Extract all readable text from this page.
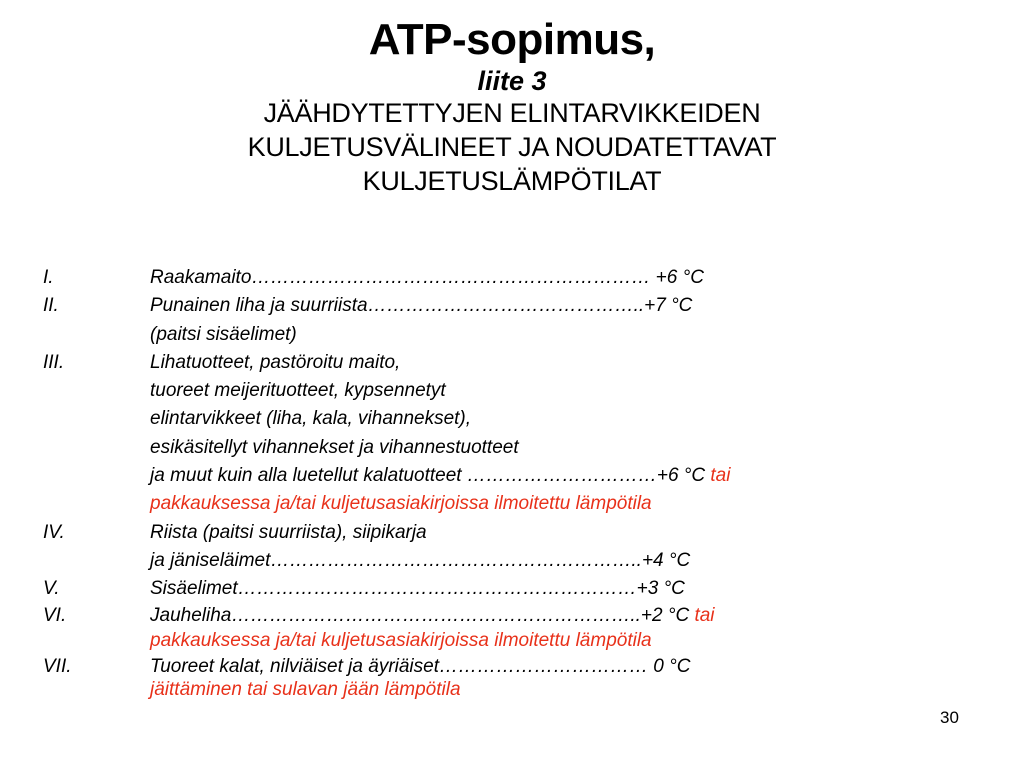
ATP-sopimus,
liite 3
JÄÄHDYTETTYJEN ELINTARVIKKEIDEN
KULJETUSVÄLINEET JA NOUDATETTAVAT
KULJETUSLÄMPÖTILAT
I.	Raakamaito……………………………………………………… +6 °C
II.	Punainen liha ja suurriista……………………………………..+7 °C
(paitsi sisäelimet)
III.	Lihatuotteet, pastöroitu maito,
tuoreet meijerituotteet, kypsennetyt
elintarvikkeet (liha, kala, vihannekset),
esikäsitellyt vihannekset ja vihannestuotteet
ja muut kuin alla luetellut kalatuotteet …………………………+6 °C tai
pakkauksessa ja/tai kuljetusasiakirjoissa ilmoitettu lämpötila
IV.	Riista (paitsi suurriista), siipikarja
ja jäniseläimet…………………………………………………..+4 °C
V.	Sisäelimet………………………………………………………+3 °C
VI.	Jauheliha………………………………………………………..+2 °C tai
pakkauksessa ja/tai kuljetusasiakirjoissa ilmoitettu lämpötila
VII.	Tuoreet kalat, nilviäiset ja äyriäiset…………………………… 0 °C
jäittäminen tai sulavan jään lämpötila
30
